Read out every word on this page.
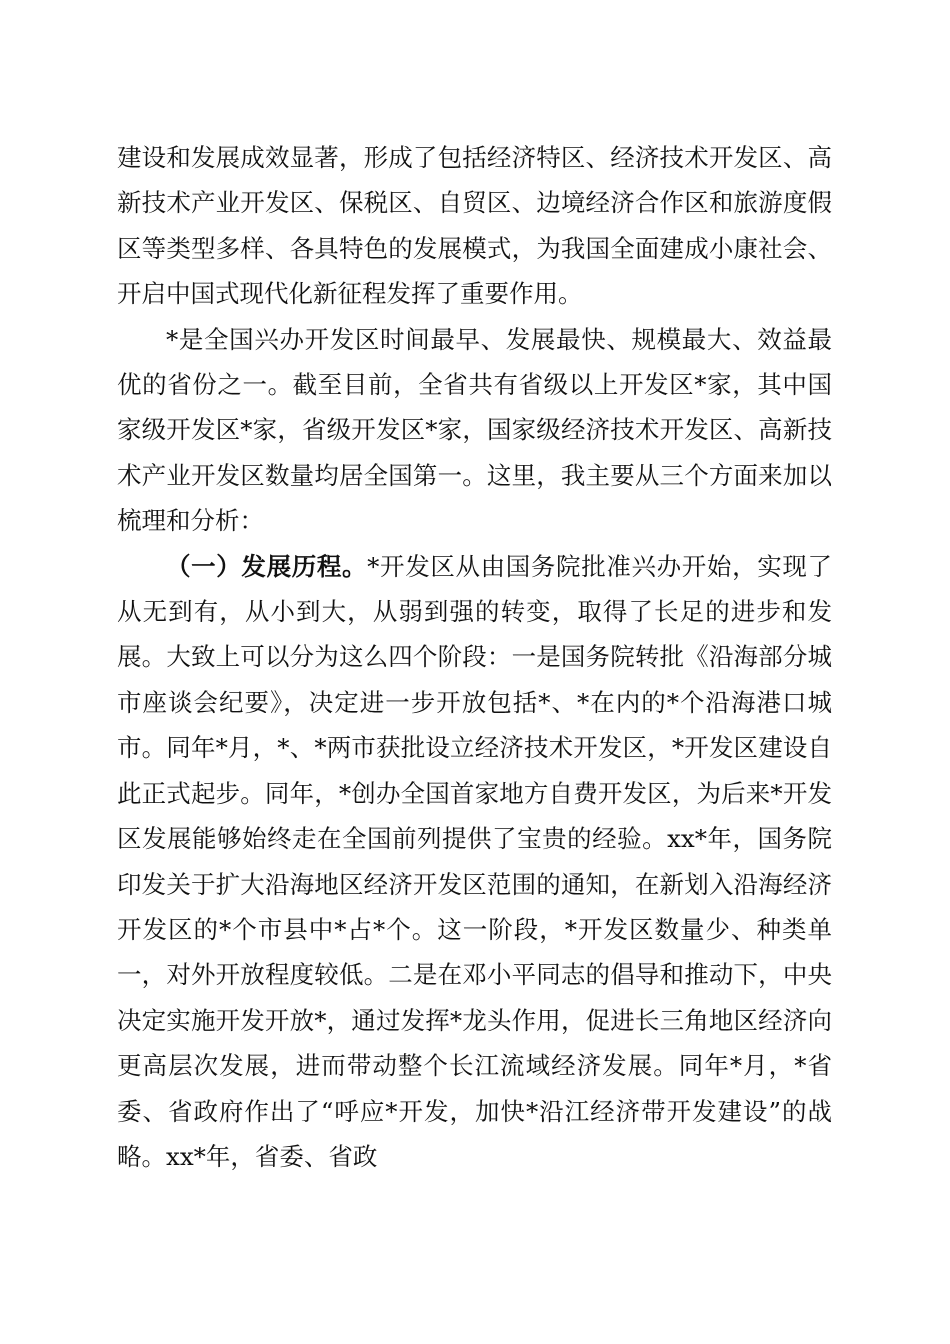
建设和发展成效显著，形成了包括经济特区、经济技术开发区、高新技术产业开发区、保税区、自贸区、边境经济合作区和旅游度假区等类型多样、各具特色的发展模式，为我国全面建成小康社会、开启中国式现代化新征程发挥了重要作用。

*是全国兴办开发区时间最早、发展最快、规模最大、效益最优的省份之一。截至目前，全省共有省级以上开发区*家，其中国家级开发区*家，省级开发区*家，国家级经济技术开发区、高新技术产业开发区数量均居全国第一。这里，我主要从三个方面来加以梳理和分析：

（一）发展历程。*开发区从由国务院批准兴办开始，实现了从无到有，从小到大，从弱到强的转变，取得了长足的进步和发展。大致上可以分为这么四个阶段：一是国务院转批《沿海部分城市座谈会纪要》，决定进一步开放包括*、*在内的*个沿海港口城市。同年*月，*、*两市获批设立经济技术开发区，*开发区建设自此正式起步。同年，*创办全国首家地方自费开发区，为后来*开发区发展能够始终走在全国前列提供了宝贵的经验。xx*年，国务院印发关于扩大沿海地区经济开发区范围的通知，在新划入沿海经济开发区的*个市县中*占*个。这一阶段，*开发区数量少、种类单一，对外开放程度较低。二是在邓小平同志的倡导和推动下，中央决定实施开发开放*，通过发挥*龙头作用，促进长三角地区经济向更高层次发展，进而带动整个长江流域经济发展。同年*月，*省委、省政府作出了“呼应*开发，加快*沿江经济带开发建设”的战略。xx*年，省委、省政
